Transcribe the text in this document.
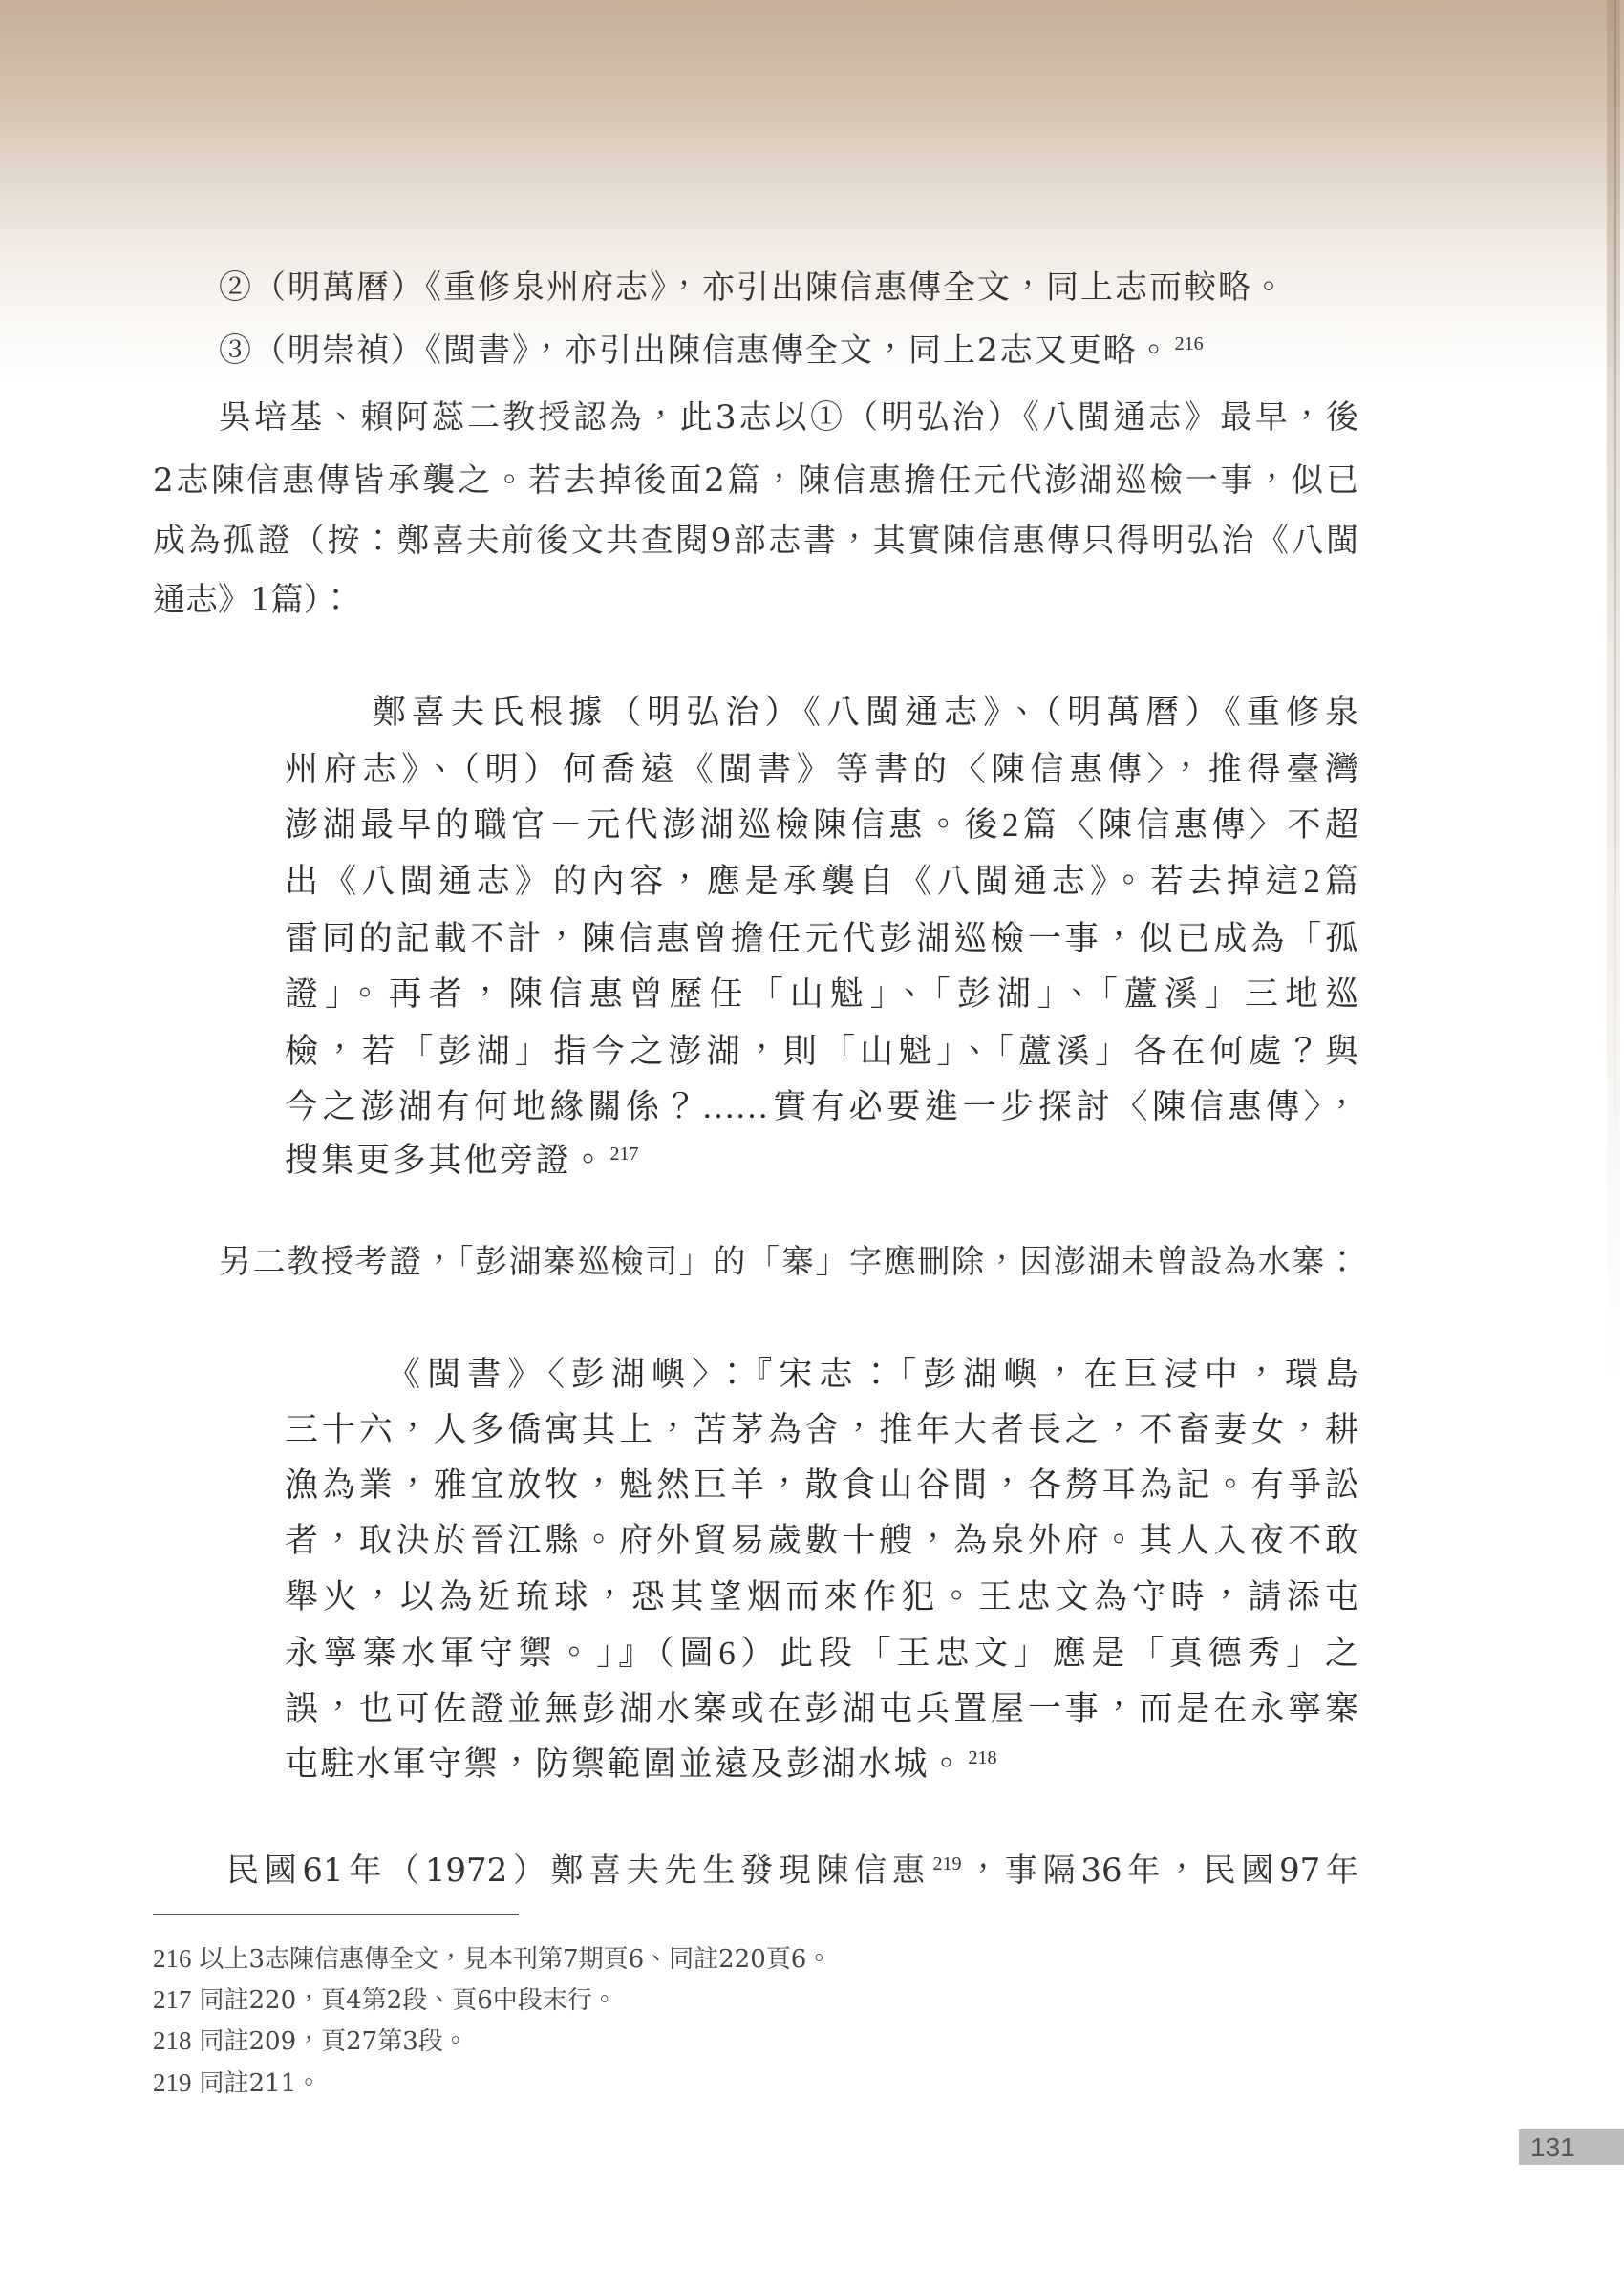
②（明萬曆）《重修泉州府志》，亦引出陳信惠傳全文，同上志而較略。
③（明崇禎）《閩書》，亦引出陳信惠傳全文，同上2志又更略。 $^{216}$
吳培基、賴阿蕊二教授認為，此3志以①（明弘治）《八閩通志》最早，後
2志陳信惠傳皆承襲之。若去掉後面2篇，陳信惠擔任元代澎湖巡檢一事，似已
成為孤證（按：鄭喜夫前後文共查閱9部志書，其實陳信惠傳只得明弘治《八閩
通志》1篇）：
鄭喜夫氏根據（明弘治）《八閩通志》、（明萬曆）《重修泉
州府志》、（明）何喬遠《閩書》等書的〈陳信惠傳〉，推得臺灣
澎湖最早的職官－元代澎湖巡檢陳信惠。後2篇〈陳信惠傳〉不超
出《八閩通志》的內容，應是承襲自《八閩通志》。若去掉這2篇
雷同的記載不計，陳信惠曾擔任元代彭湖巡檢一事，似已成為「孤
證」。再者，陳信惠曾歷任「山魁」、「彭湖」、「蘆溪」三地巡
檢，若「彭湖」指今之澎湖，則「山魁」、「蘆溪」各在何處？與
今之澎湖有何地緣關係？……實有必要進一步探討〈陳信惠傳〉，
搜集更多其他旁證。 $^{217}$
另二教授考證，「彭湖寨巡檢司」的「寨」字應刪除，因澎湖未曾設為水寨：
《閩書》〈彭湖嶼〉：『宋志：「彭湖嶼，在巨浸中，環島
三十六，人多僑寓其上，苫茅為舍，推年大者長之，不畜妻女，耕
漁為業，雅宜放牧，魁然巨羊，散食山谷間，各剺耳為記。有爭訟
者，取決於晉江縣。府外貿易歲數十艘，為泉外府。其人入夜不敢
舉火，以為近琉球，恐其望烟而來作犯。王忠文為守時，請添屯
永寧寨水軍守禦。」』（圖6）此段「王忠文」應是「真德秀」之
誤，也可佐證並無彭湖水寨或在彭湖屯兵置屋一事，而是在永寧寨
屯駐水軍守禦，防禦範圍並遠及彭湖水城。 $^{218}$
民國61年（1972）鄭喜夫先生發現陳信惠 $^{219}$，事隔36年，民國97年
216 以上3志陳信惠傳全文，見本刊第7期頁6、同註220頁6。
217 同註220，頁4第2段、頁6中段末行。
218 同註209，頁27第3段。
219 同註211。
131
